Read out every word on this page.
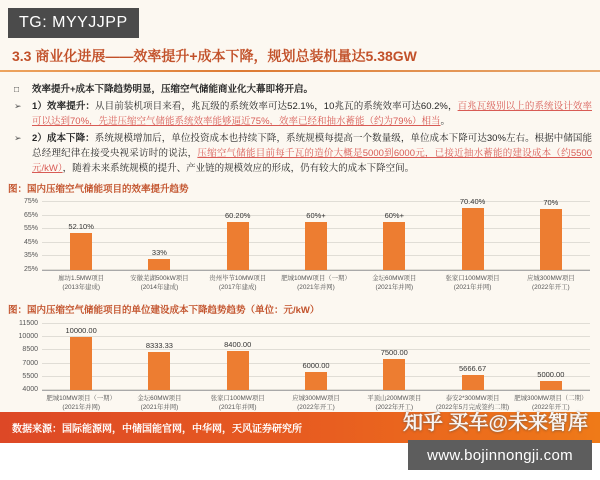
TG: MYYJJPP
3.3 商业化进展——效率提升+成本下降，规划总装机量达5.38GW

□ 效率提升+成本下降趋势明显，压缩空气储能商业化大幕即将开启。

➢ 1）效率提升：从目前装机项目来看，兆瓦级的系统效率可达52.1%，10兆瓦的系统效率可达60.2%，百兆瓦级别以上的系统设计效率可以达到70%，先进压缩空气储能系统效率能够逼近75%，效率已经和抽水蓄能（约为79%）相当。

➢ 2）成本下降：系统规模增加后，单位投资成本也持续下降，系统规模每提高一个数量级，单位成本下降可达30%左右。根据中储国能总经理纪律在接受央视采访时的说法，压缩空气储能目前每千瓦的造价大概是5000到6000元，已接近抽水蓄能的建设成本（约5500元/kW），随着未来系统规模的提升、产业链的规模效应的形成，仍有较大的成本下降空间。

图：国内压缩空气储能项目的效率提升趋势
75%
65%
55%
45%
35%
25%
52.10%
33%
60.20%	60%+	60%+
70.40%	70%
廊坊1.5MW项目
(2013年建成)
安徽芜湖500kW项目
(2014年建成)
贵州毕节10MW项目
(2017年建成)
肥城10MW项目（一期）
(2021年并网)
金坛60MW项目
(2021年并网)
张家口100MW项目
(2021年并网)
应城300MW项目
(2022年开工)
图：国内压缩空气储能项目的单位建设成本下降趋势趋势（单位：元/kW）
11500
10000
8500
7000
5500
4000
10000.00
8333.33	8400.00
6000.00
7500.00
5666.67
5000.00
肥城10MW项目（一期）
(2021年并网)
金坛60MW项目
(2021年并网)
张家口100MW项目
(2021年并网)
应城300MW项目
(2022年开工)
平顶山200MW项目
(2022年开工)
泰安2*300MW项目
(2022年5月完成签约二期)
肥城300MW项目（二期）
(2022年开工)
数据来源：国际能源网，中储国能官网，中华网，天风证券研究所	知乎 买车@未来智库
www.bojinnongji.com
